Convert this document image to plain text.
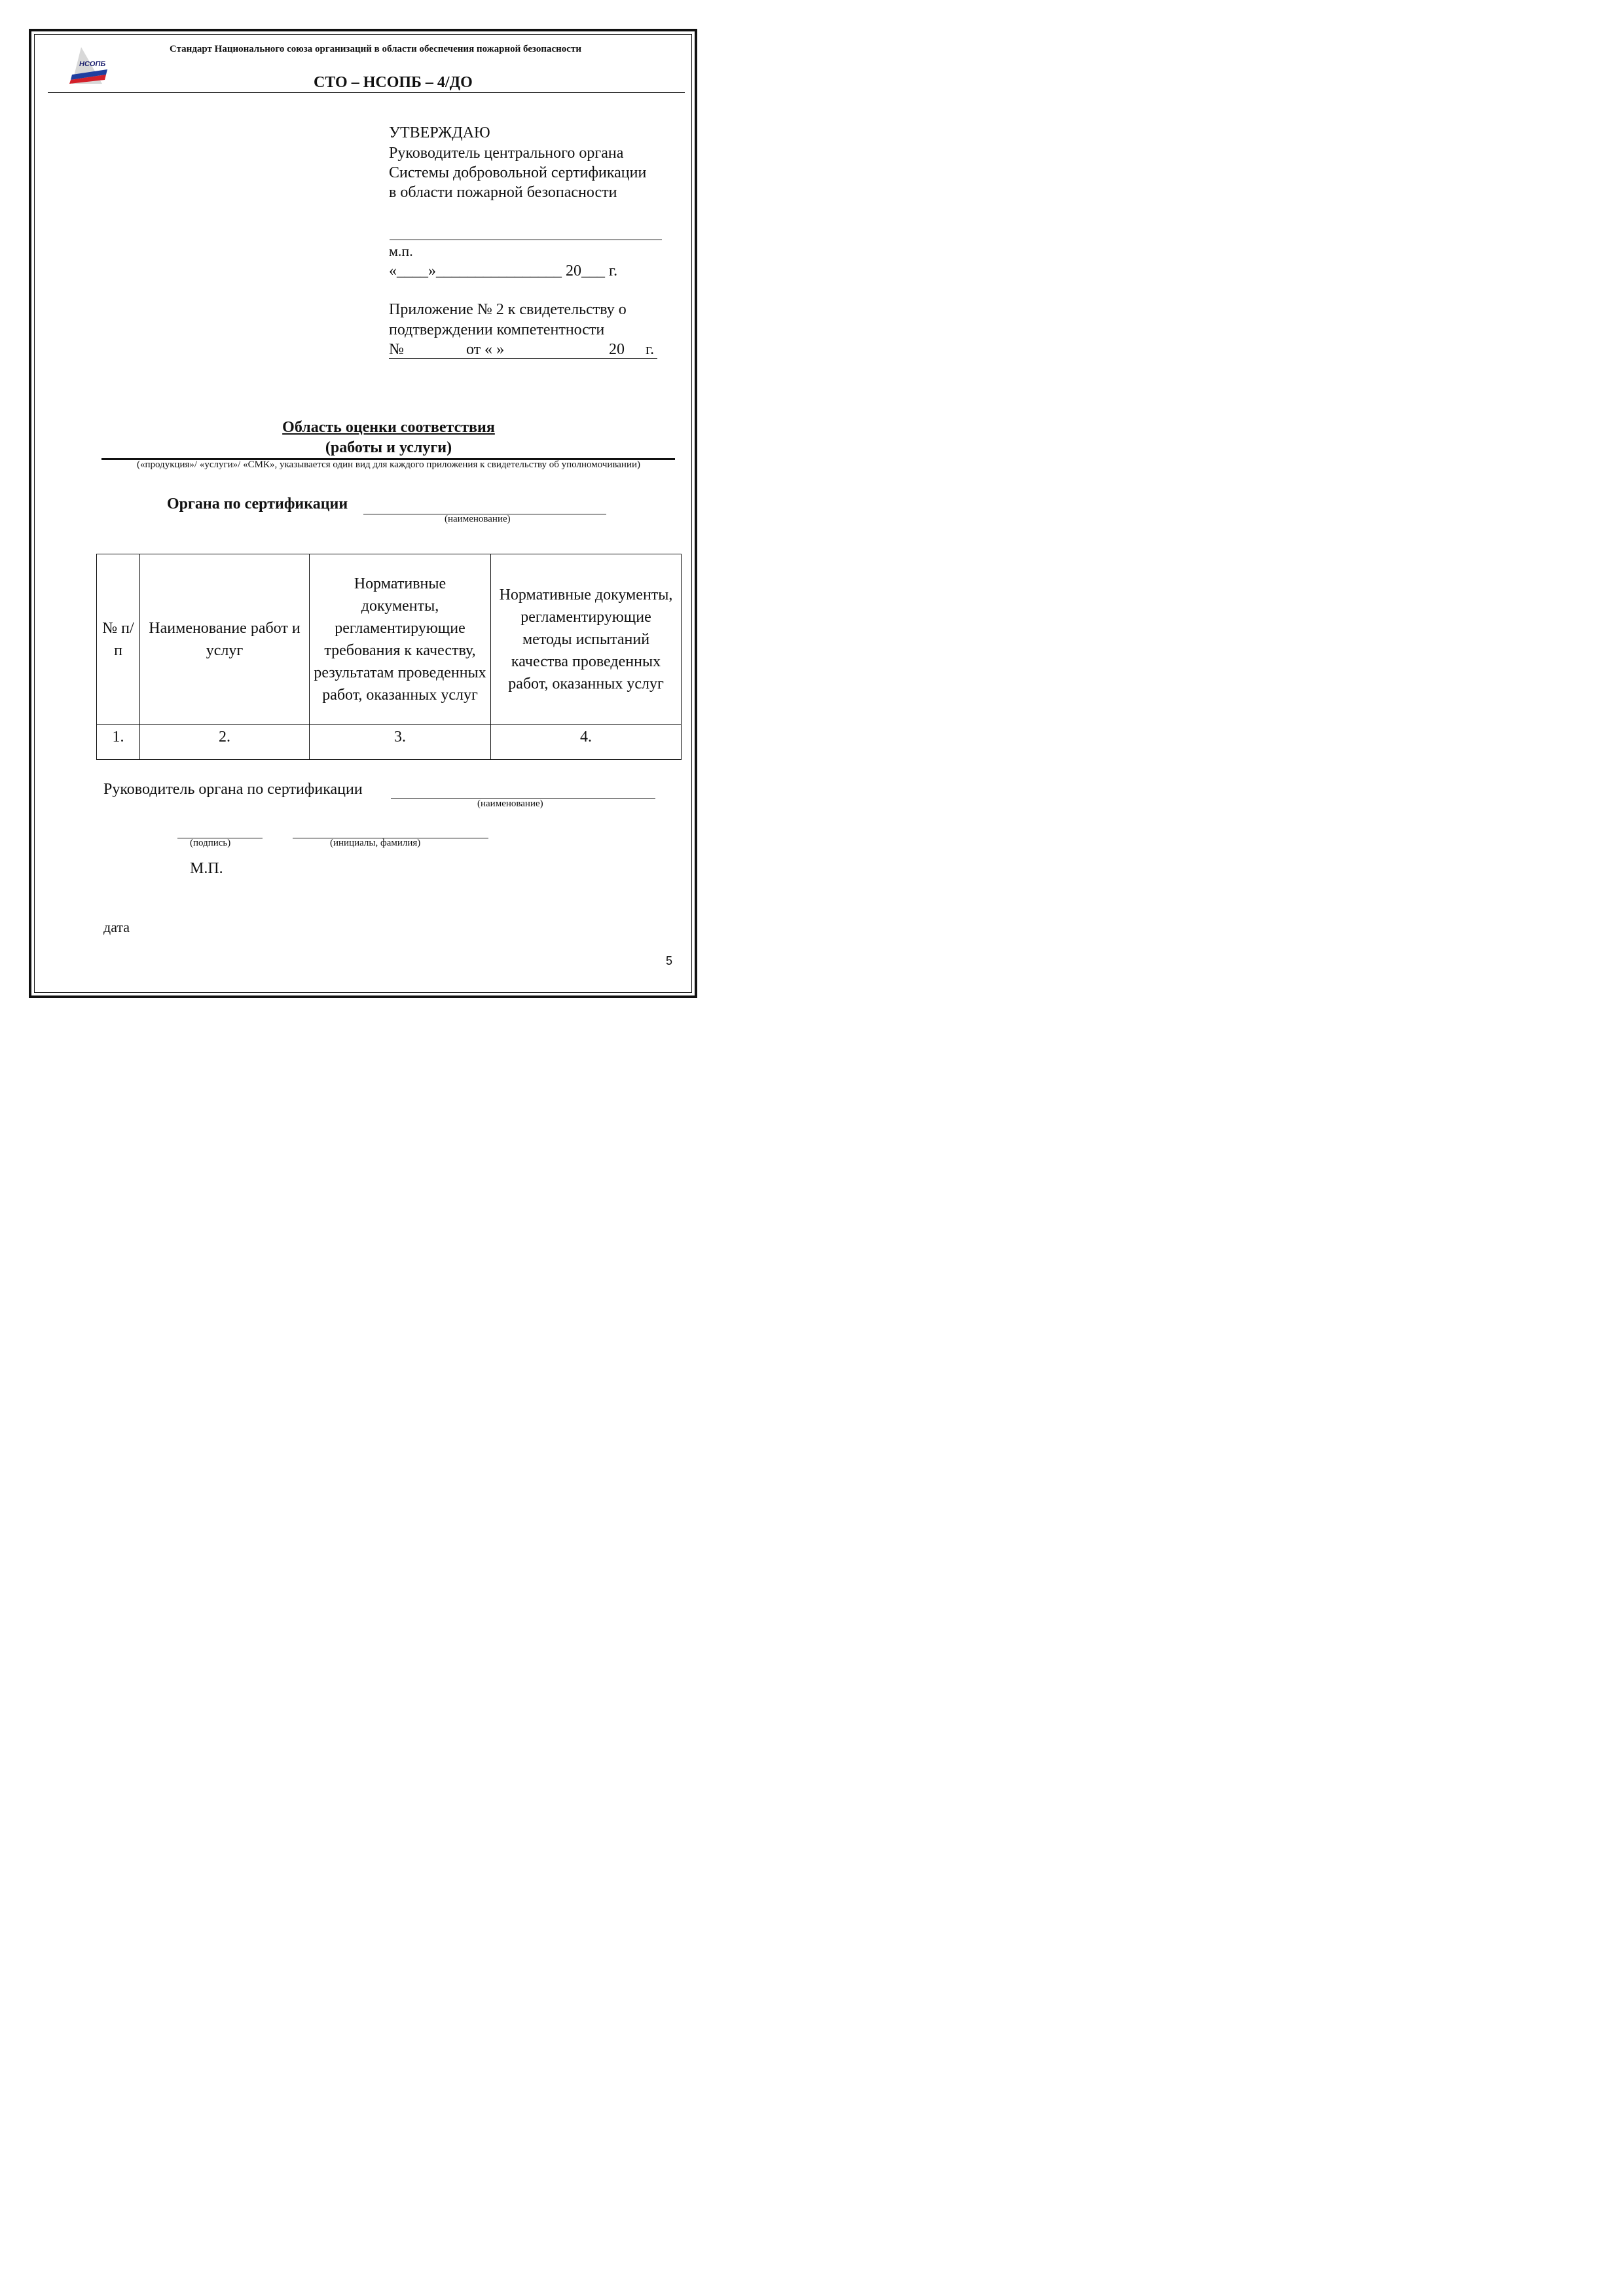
НСОПБ
Стандарт Национального союза организаций в области обеспечения пожарной безопасности
СТО – НСОПБ – 4/ДО
УТВЕРЖДАЮ
Руководитель центрального органа
Системы добровольной сертификации
в области пожарной безопасности
м.п.
«____»________________ 20___ г.
Приложение № 2 к свидетельству о
подтверждении компетентности
№	от « »	20 г.
Область оценки соответствия
(работы и услуги)
(«продукция»/ «услуги»/ «СМК», указывается один вид для каждого приложения к свидетельству об уполномочивании)
Органа по сертификации
(наименование)
№ п/п	Наименование работ и услуг	Нормативные документы, регламентирующие требования к качеству, результатам проведенных работ, оказанных услуг	Нормативные документы, регламентирующие методы испытаний качества проведенных работ, оказанных услуг
1.	2.	3.	4.
Руководитель органа по сертификации
(наименование)
(подпись)	(инициалы, фамилия)
М.П.
дата
5
